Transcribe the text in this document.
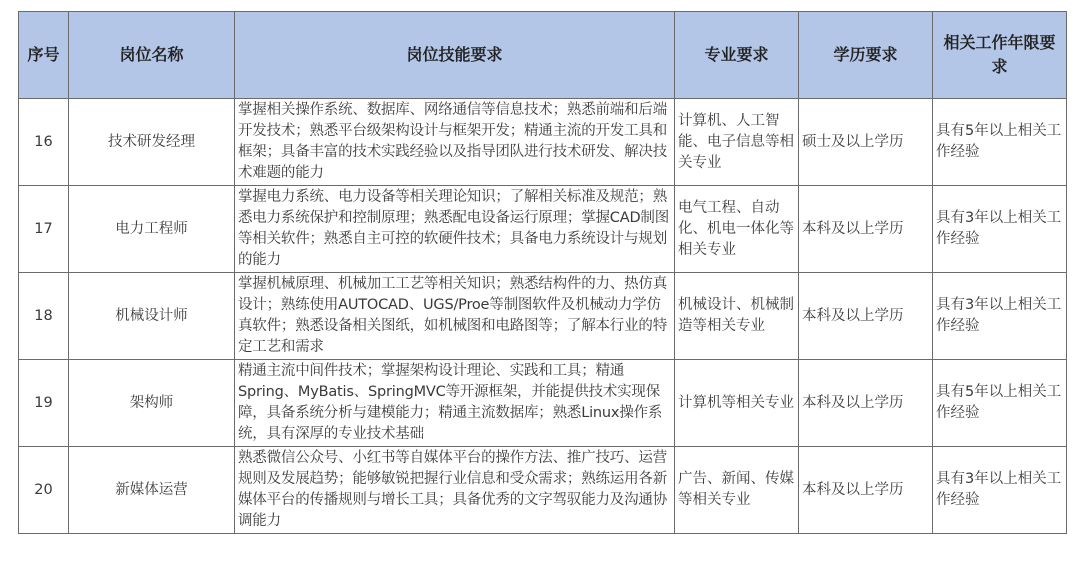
序号	岗位名称	岗位技能要求	专业要求	学历要求	相关工作年限要求
16	技术研发经理	掌握相关操作系统、数据库、网络通信等信息技术；熟悉前端和后端开发技术；熟悉平台级架构设计与框架开发；精通主流的开发工具和框架；具备丰富的技术实践经验以及指导团队进行技术研发、解决技术难题的能力	计算机、人工智能、电子信息等相关专业	硕士及以上学历	具有5年以上相关工作经验
17	电力工程师	掌握电力系统、电力设备等相关理论知识；了解相关标准及规范；熟悉电力系统保护和控制原理；熟悉配电设备运行原理；掌握CAD制图等相关软件；熟悉自主可控的软硬件技术；具备电力系统设计与规划的能力	电气工程、自动化、机电一体化等相关专业	本科及以上学历	具有3年以上相关工作经验
18	机械设计师	掌握机械原理、机械加工工艺等相关知识；熟悉结构件的力、热仿真设计；熟练使用AUTOCAD、UGS/Proe等制图软件及机械动力学仿真软件；熟悉设备相关图纸，如机械图和电路图等；了解本行业的特定工艺和需求	机械设计、机械制造等相关专业	本科及以上学历	具有3年以上相关工作经验
19	架构师	精通主流中间件技术；掌握架构设计理论、实践和工具；精通Spring、MyBatis、SpringMVC等开源框架，并能提供技术实现保障，具备系统分析与建模能力；精通主流数据库；熟悉Linux操作系统，具有深厚的专业技术基础	计算机等相关专业	本科及以上学历	具有5年以上相关工作经验
20	新媒体运营	熟悉微信公众号、小红书等自媒体平台的操作方法、推广技巧、运营规则及发展趋势；能够敏锐把握行业信息和受众需求；熟练运用各新媒体平台的传播规则与增长工具；具备优秀的文字驾驭能力及沟通协调能力	广告、新闻、传媒等相关专业	本科及以上学历	具有3年以上相关工作经验
